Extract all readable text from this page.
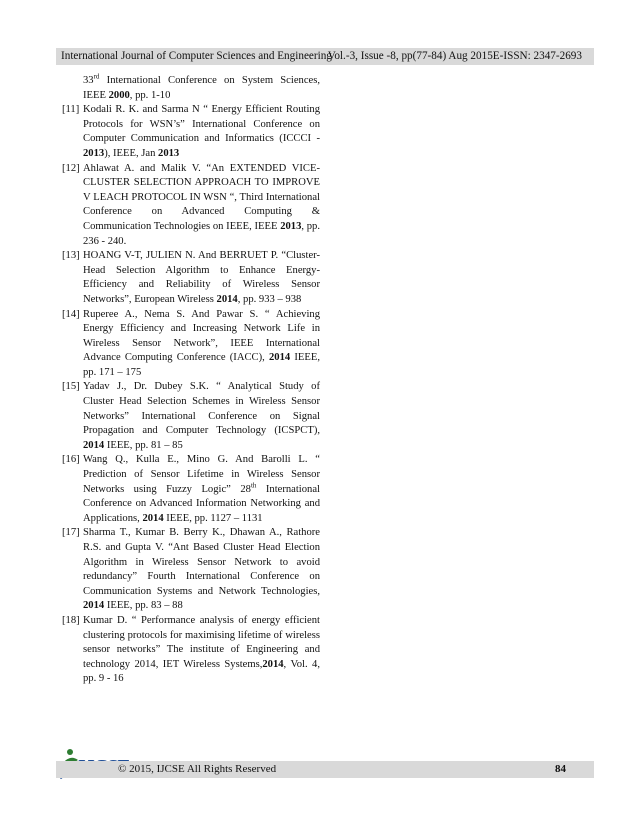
International Journal of Computer Sciences and Engineering
Vol.-3, Issue -8, pp(77-84) Aug 2015E-ISSN: 2347-2693
33rd International Conference on System Sciences,
IEEE 2000, pp. 1-10
[11] Kodali R. K. and Sarma N “ Energy Efficient Routing
Protocols for WSN’s” International Conference on
Computer Communication and Informatics (ICCCI -
2013), IEEE, Jan 2013
[12] Ahlawat A. and Malik V. “An EXTENDED VICE-
CLUSTER SELECTION APPROACH TO IMPROVE
V LEACH PROTOCOL IN WSN “, Third International
Conference on Advanced Computing &
Communication Technologies on IEEE, IEEE 2013, pp.
236 - 240.
[13] HOANG V-T, JULIEN N. And BERRUET P. “Cluster-
Head Selection Algorithm to Enhance Energy-
Efficiency and Reliability of Wireless Sensor
Networks”, European Wireless 2014, pp. 933 – 938
[14] Ruperee A., Nema S. And Pawar S. “ Achieving
Energy Efficiency and Increasing Network Life in
Wireless Sensor Network”, IEEE International
Advance Computing Conference (IACC), 2014 IEEE,
pp. 171 – 175
[15] Yadav J., Dr. Dubey S.K. “ Analytical Study of
Cluster Head Selection Schemes in Wireless Sensor
Networks” International Conference on Signal
Propagation and Computer Technology (ICSPCT),
2014 IEEE, pp. 81 – 85
[16] Wang Q., Kulla E., Mino G. And Barolli L. “
Prediction of Sensor Lifetime in Wireless Sensor
Networks using Fuzzy Logic” 28th International
Conference on Advanced Information Networking and
Applications, 2014 IEEE, pp. 1127 – 1131
[17] Sharma T., Kumar B. Berry K., Dhawan A., Rathore
R.S. and Gupta V. “Ant Based Cluster Head Election
Algorithm in Wireless Sensor Network to avoid
redundancy” Fourth International Conference on
Communication Systems and Network Technologies,
2014 IEEE, pp. 83 – 88
[18] Kumar D. “ Performance analysis of energy efficient
clustering protocols for maximising lifetime of wireless
sensor networks” The institute of Engineering and
technology 2014, IET Wireless Systems,2014, Vol. 4,
pp. 9 - 16
© 2015, IJCSE All Rights Reserved	84
